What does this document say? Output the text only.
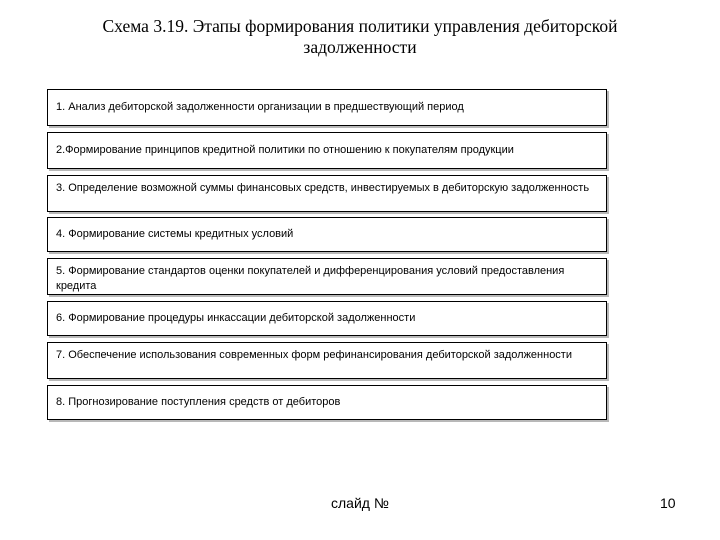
Схема 3.19. Этапы формирования политики управления дебиторской
задолженности
1. Анализ дебиторской задолженности организации в предшествующий период
2.Формирование принципов кредитной политики по отношению к покупателям продукции
3. Определение возможной суммы финансовых средств, инвестируемых в дебиторскую задолженность
4. Формирование системы кредитных условий
5. Формирование стандартов оценки покупателей и дифференцирования условий предоставления кредита
6. Формирование процедуры инкассации дебиторской задолженности
7. Обеспечение использования современных форм рефинансирования дебиторской задолженности
8. Прогнозирование поступления средств от дебиторов
слайд №	10
